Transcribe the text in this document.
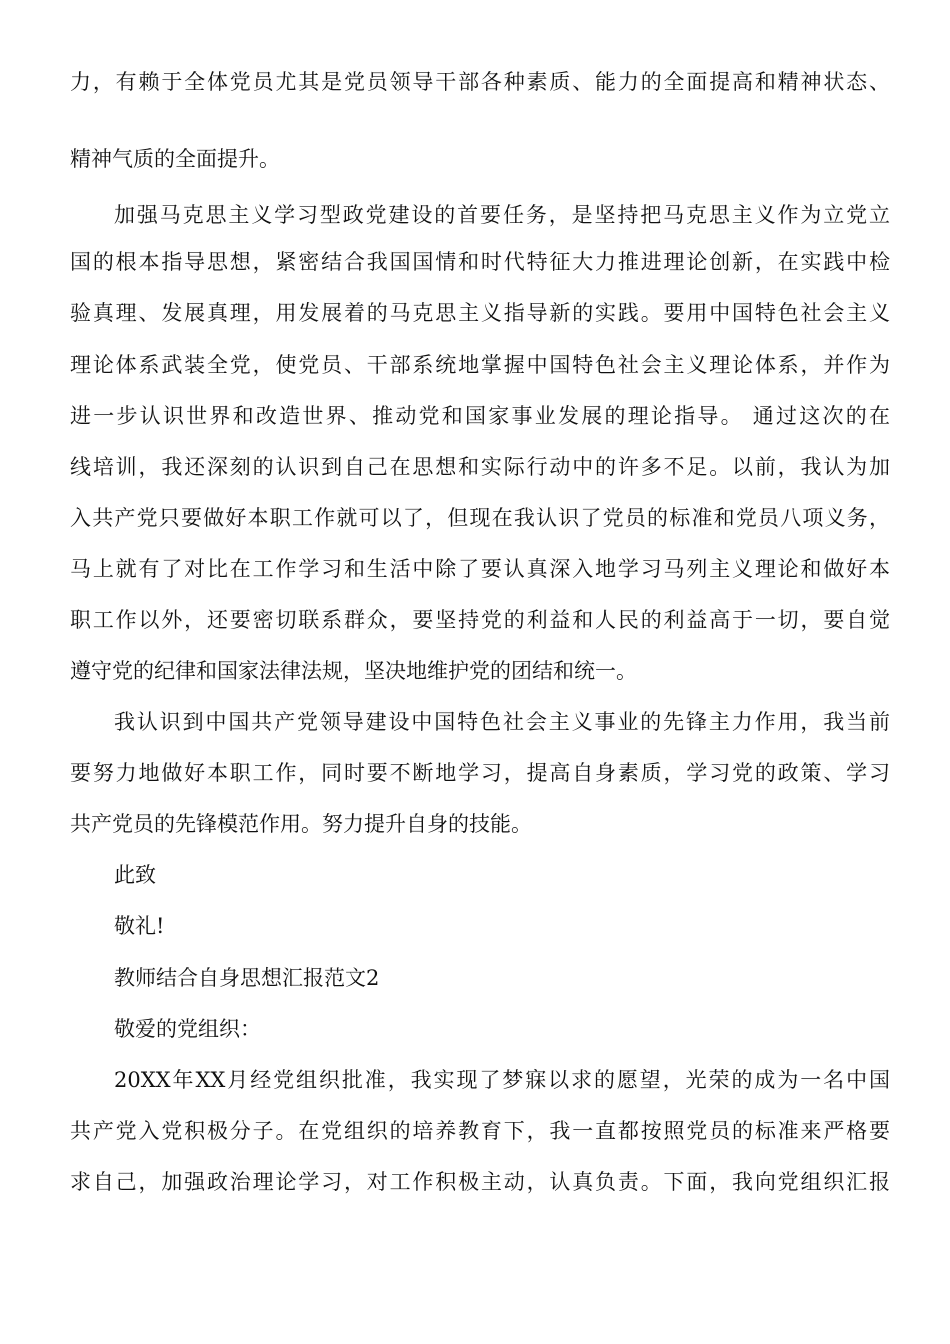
力，有赖于全体党员尤其是党员领导干部各种素质、能力的全面提高和精神状态、
精神气质的全面提升。
加强马克思主义学习型政党建设的首要任务，是坚持把马克思主义作为立党立
国的根本指导思想，紧密结合我国国情和时代特征大力推进理论创新，在实践中检
验真理、发展真理，用发展着的马克思主义指导新的实践。要用中国特色社会主义
理论体系武装全党，使党员、干部系统地掌握中国特色社会主义理论体系，并作为
进一步认识世界和改造世界、推动党和国家事业发展的理论指导。 通过这次的在
线培训，我还深刻的认识到自己在思想和实际行动中的许多不足。以前，我认为加
入共产党只要做好本职工作就可以了，但现在我认识了党员的标准和党员八项义务，
马上就有了对比在工作学习和生活中除了要认真深入地学习马列主义理论和做好本
职工作以外，还要密切联系群众，要坚持党的利益和人民的利益高于一切，要自觉
遵守党的纪律和国家法律法规，坚决地维护党的团结和统一。
我认识到中国共产党领导建设中国特色社会主义事业的先锋主力作用，我当前
要努力地做好本职工作，同时要不断地学习，提高自身素质，学习党的政策、学习
共产党员的先锋模范作用。努力提升自身的技能。
此致
敬礼!
教师结合自身思想汇报范文2
敬爱的党组织：
20XX年XX月经党组织批准，我实现了梦寐以求的愿望，光荣的成为一名中国
共产党入党积极分子。在党组织的培养教育下，我一直都按照党员的标准来严格要
求自己，加强政治理论学习，对工作积极主动，认真负责。下面，我向党组织汇报
